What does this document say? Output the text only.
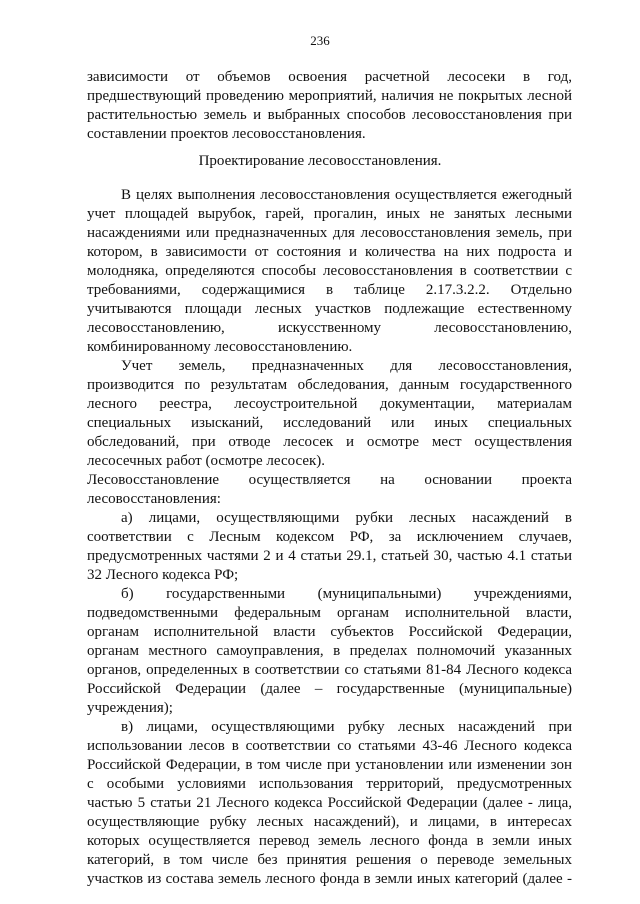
236
зависимости от объемов освоения расчетной лесосеки в год,
предшествующий проведению мероприятий, наличия не покрытых лесной
растительностью земель и выбранных способов лесовосстановления при
составлении проектов лесовосстановления.
Проектирование лесовосстановления.
В целях выполнения лесовосстановления осуществляется ежегодный
учет площадей вырубок, гарей, прогалин, иных не занятых лесными
насаждениями или предназначенных для лесовосстановления земель, при
котором, в зависимости от состояния и количества на них подроста и
молодняка, определяются способы лесовосстановления в соответствии с
требованиями, содержащимися в таблице 2.17.3.2.2. Отдельно
учитываются площади лесных участков подлежащие естественному
лесовосстановлению, искусственному лесовосстановлению,
комбинированному лесовосстановлению.
Учет земель, предназначенных для лесовосстановления,
производится по результатам обследования, данным государственного
лесного реестра, лесоустроительной документации, материалам
специальных изысканий, исследований или иных специальных
обследований, при отводе лесосек и осмотре мест осуществления
лесосечных работ (осмотре лесосек).
Лесовосстановление осуществляется на основании проекта
лесовосстановления:
а) лицами, осуществляющими рубки лесных насаждений в
соответствии с Лесным кодексом РФ, за исключением случаев,
предусмотренных частями 2 и 4 статьи 29.1, статьей 30, частью 4.1 статьи
32 Лесного кодекса РФ;
б) государственными (муниципальными) учреждениями,
подведомственными федеральным органам исполнительной власти,
органам исполнительной власти субъектов Российской Федерации,
органам местного самоуправления, в пределах полномочий указанных
органов, определенных в соответствии со статьями 81-84 Лесного кодекса
Российской Федерации (далее – государственные (муниципальные)
учреждения);
в) лицами, осуществляющими рубку лесных насаждений при
использовании лесов в соответствии со статьями 43-46 Лесного кодекса
Российской Федерации, в том числе при установлении или изменении зон
с особыми условиями использования территорий, предусмотренных
частью 5 статьи 21 Лесного кодекса Российской Федерации (далее - лица,
осуществляющие рубку лесных насаждений), и лицами, в интересах
которых осуществляется перевод земель лесного фонда в земли иных
категорий, в том числе без принятия решения о переводе земельных
участков из состава земель лесного фонда в земли иных категорий (далее -
